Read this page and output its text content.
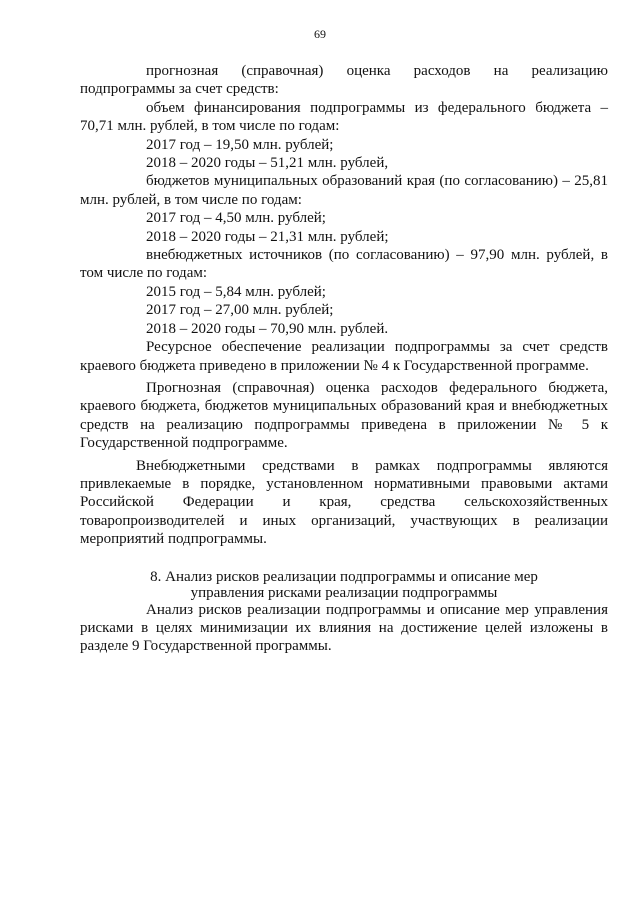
69

прогнозная (справочная) оценка расходов на реализацию подпрограммы за счет средств:

объем финансирования подпрограммы из федерального бюджета – 70,71 млн. рублей, в том числе по годам:

2017 год – 19,50 млн. рублей;

2018 – 2020 годы – 51,21 млн. рублей,

бюджетов муниципальных образований края (по согласованию) – 25,81 млн. рублей, в том числе по годам:

2017 год – 4,50 млн. рублей;

2018 – 2020 годы – 21,31 млн. рублей;

внебюджетных источников (по согласованию) – 97,90 млн. рублей, в том числе по годам:

2015 год – 5,84 млн. рублей;

2017 год – 27,00 млн. рублей;

2018 – 2020 годы – 70,90 млн. рублей.

Ресурсное обеспечение реализации подпрограммы за счет средств краевого бюджета приведено в приложении № 4 к Государственной программе.

Прогнозная (справочная) оценка расходов федерального бюджета, краевого бюджета, бюджетов муниципальных образований края и внебюджетных средств на реализацию подпрограммы приведена в приложении № 5 к Государственной подпрограмме.

Внебюджетными средствами в рамках подпрограммы являются привлекаемые в порядке, установленном нормативными правовыми актами Российской Федерации и края, средства сельскохозяйственных товаропроизводителей и иных организаций, участвующих в реализации мероприятий подпрограммы.

8. Анализ рисков реализации подпрограммы и описание мер
управления рисками реализации подпрограммы

Анализ рисков реализации подпрограммы и описание мер управления рисками в целях минимизации их влияния на достижение целей изложены в разделе 9 Государственной программы.
